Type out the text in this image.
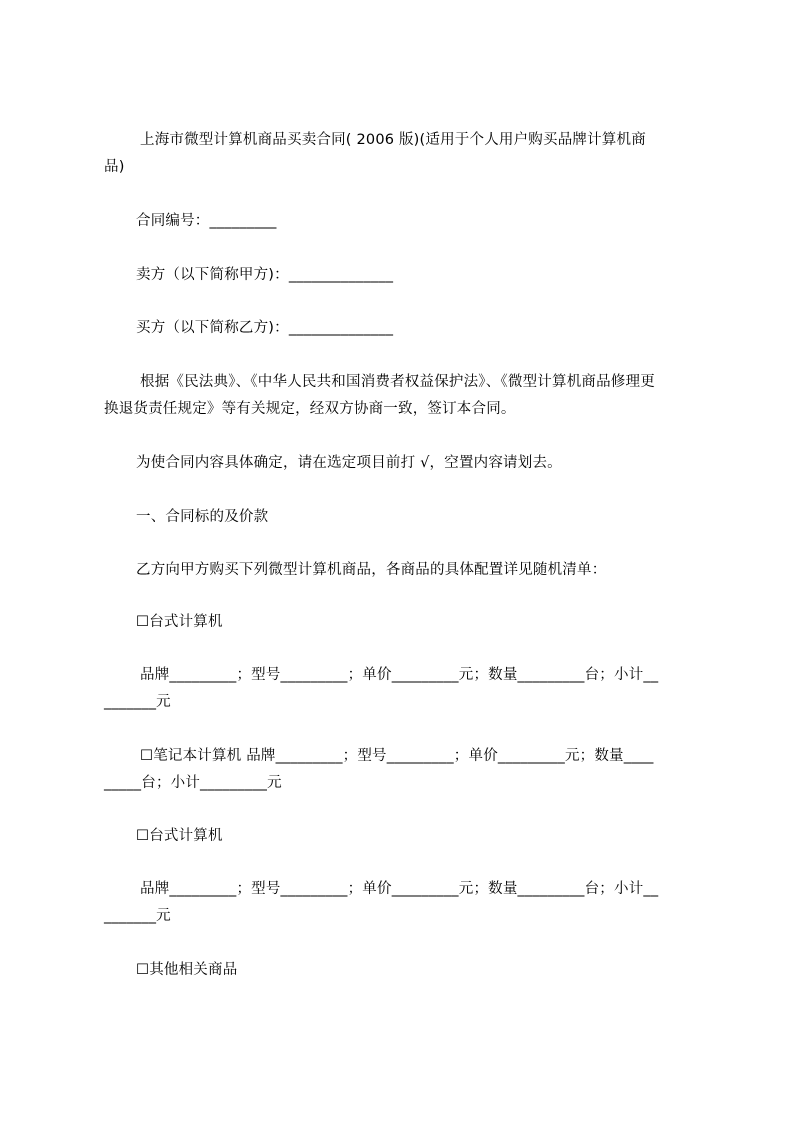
上海市微型计算机商品买卖合同( 2006 版)(适用于个人用户购买品牌计算机商
品)
合同编号：_________
卖方（以下简称甲方)：______________
买方（以下简称乙方)：______________
根据《民法典》、《中华人民共和国消费者权益保护法》、《微型计算机商品修理更
换退货责任规定》等有关规定，经双方协商一致，签订本合同。
为使合同内容具体确定，请在选定项目前打 √，空置内容请划去。
一、合同标的及价款
乙方向甲方购买下列微型计算机商品，各商品的具体配置详见随机清单：
☐台式计算机
品牌_________；型号_________；单价_________元；数量_________台；小计__
_______元
☐笔记本计算机 品牌_________；型号_________；单价_________元；数量____
_____台；小计_________元
☐台式计算机
品牌_________；型号_________；单价_________元；数量_________台；小计__
_______元
☐其他相关商品
